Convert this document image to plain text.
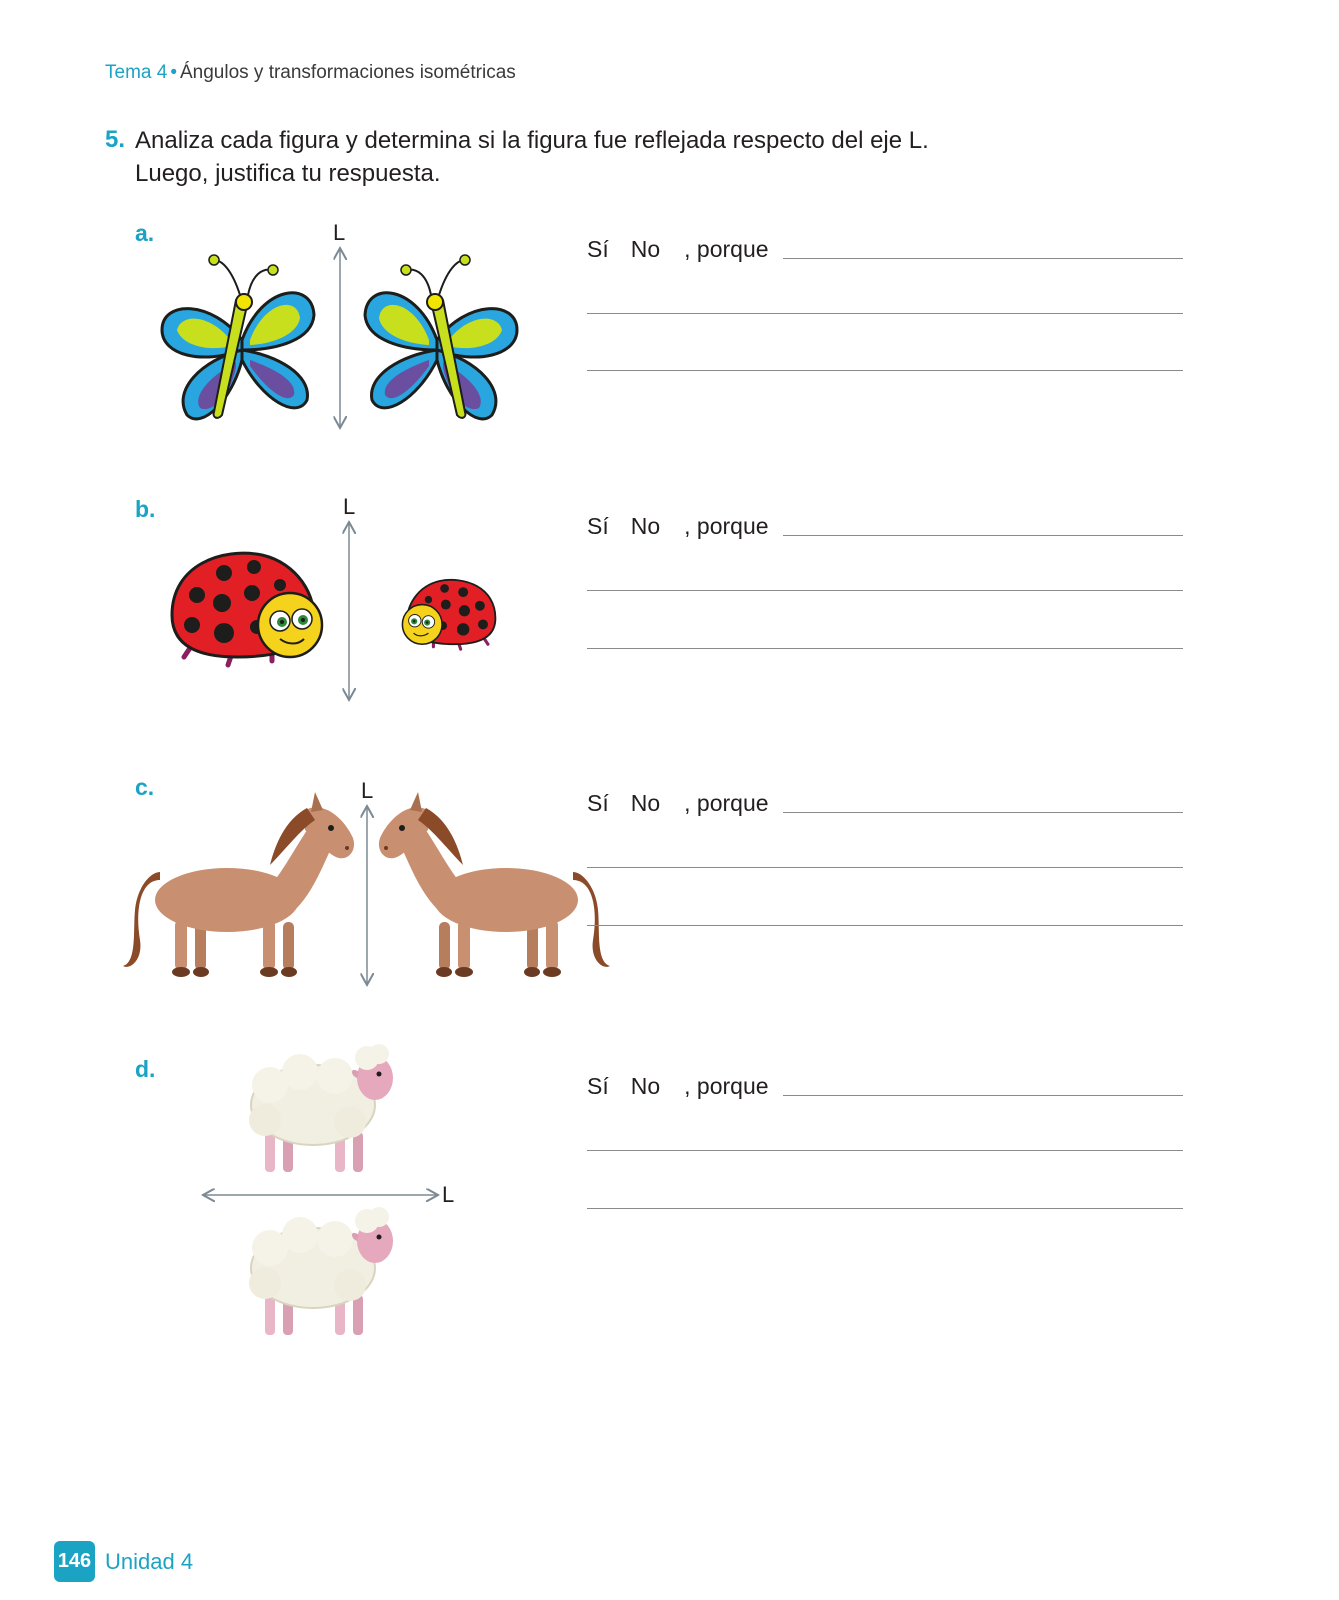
Tema 4 • Ángulos y transformaciones isométricas
5. Analiza cada figura y determina si la figura fue reflejada respecto del eje L.
Luego, justifica tu respuesta.
a.	L
Sí No , porque
b.	L
Sí No , porque
c.	L	Sí No , porque
d.
L
Sí No , porque
146 Unidad 4
